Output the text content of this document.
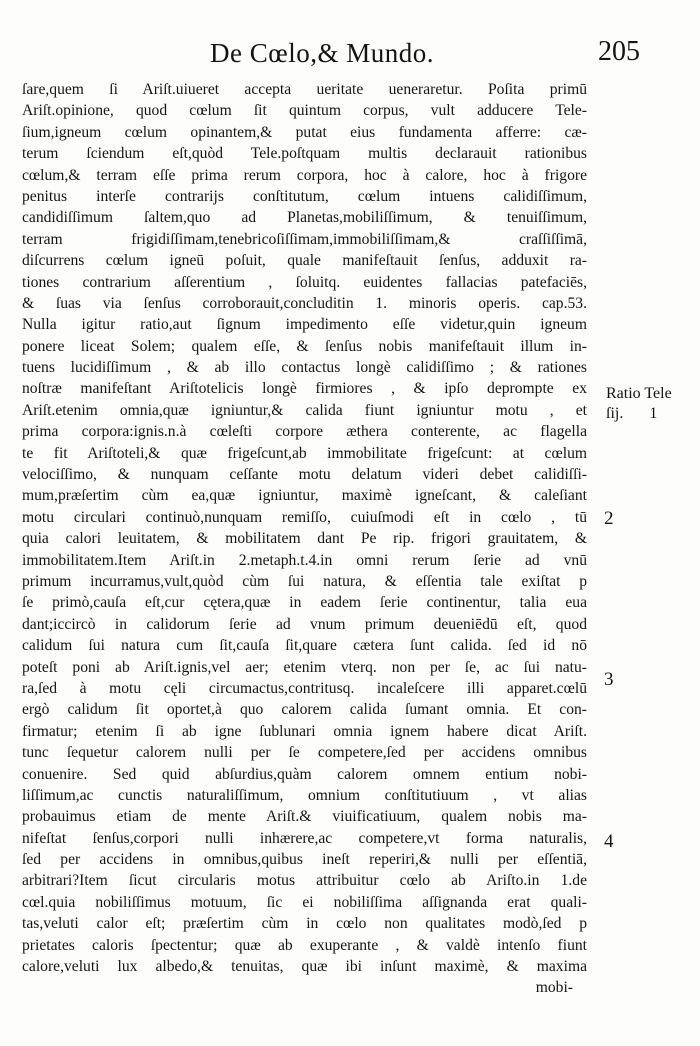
De Cœlo,& Mundo.	205
ſare,quem ſi Ariſt.uiueret accepta ueritate uenerаretur. Poſita primū
Ariſt.opinione, quod cœlum ſit quintum corpus, vult adducere Tele-
ſium,igneum cœlum opinantem,& putat eius fundamenta afferre: cæ-
terum ſciendum eſt,quòd Tele.poſtquam multis declarauit rationibus
cœlum,& terram eſſe prima rerum corpora, hoc à calore, hoc à frigore
penitus interſe contrarijs conſtitutum, cœlum intuens calidiſſimum,
candidiſſimum ſaltem,quo ad Planetas,mobiliſſimum, & tenuiſſimum,
terram frigidiſſimam,tenebricoſiſſimam,immobiliſſimam,& craſſiſſimā,
diſcurrens cœlum igneū poſuit, quale manifeſtauit ſenſus, adduxit ra-
tiones contrarium aſſerentium , ſoluitq. euidentes fallacias patefaciēs,
& ſuas via ſenſus corroborauit,concluditin 1. minoris operis. cap.53.
Nulla igitur ratio,aut ſignum impedimento eſſe videtur,quin igneum
ponere liceat Solem; qualem eſſe, & ſenſus nobis manifeſtauit illum in-
tuens lucidiſſimum , & ab illo contactus longè calidiſſimo ; & rationes
noſtræ manifeſtant Ariſtotelicis longè firmiores , & ipſo deprompte ex
Ariſt.etenim omnia,quæ igniuntur,& calida fiunt igniuntur motu , et
prima corpora:ignis.n.à cœleſti corpore æthera conterente, ac flagella
te fit Ariſtoteli,& quæ frigeſcunt,ab immobilitate frigeſcunt: at cœlum
velociſſimo, & nunquam ceſſante motu delatum videri debet calidiſſi-
mum,præſertim cùm ea,quæ igniuntur, maximè igneſcant, & caleſiant
motu circulari continuò,nunquam remiſſo, cuiuſmodi eſt in cœlo , tū
quia calori leuitatem, & mobilitatem dant Pe rip. frigori grauitatem, &
immobilitatem.Item Ariſt.in 2.metaph.t.4.in omni rerum ſerie ad vnū
primum incurramus,vult,quòd cùm ſui natura, & eſſentia tale exiſtat p
ſe primò,cauſa eſt,cur cętera,quæ in eadem ſerie continentur, talia eua
dant;iccircò in calidorum ſerie ad vnum primum deueniēdū eſt, quod
calidum ſui natura cum ſit,cauſa ſit,quare cætera ſunt calida. ſed id nō
poteſt poni ab Ariſt.ignis,vel aer; etenim vterq. non per ſe, ac ſui natu-
ra,ſed à motu cęli circumactus,contritusq. incaleſcere illi apparet.cœlū
ergò calidum ſit oportet,à quo calorem calida ſumant omnia. Et con-
firmatur; etenim ſi ab igne ſublunari omnia ignem habere dicat Ariſt.
tunc ſequetur calorem nulli per ſe competere,ſed per accidens omnibus
conuenire. Sed quid abſurdius,quàm calorem omnem entium nobi-
liſſimum,ac cunctis naturaliſſimum, omnium conſtitutiuum , vt alias
probauimus etiam de mente Ariſt.& viuificatiuum, qualem nobis ma-
nifeſtat ſenſus,corpori nulli inhærere,ac competere,vt forma naturalis,
ſed per accidens in omnibus,quibus ineſt reperiri,& nulli per eſſentiā,
arbitrari?Item ſicut circularis motus attribuitur cœlo ab Ariſto.in 1.de
cœl.quia nobiliſſimus motuum, ſic ei nobiliſſima aſſignanda erat quali-
tas,veluti calor eſt; præſertim cùm in cœlo non qualitates modò,ſed p
prietates caloris ſpectentur; quæ ab exuperante , & valdè intenſo fiunt
calore,veluti lux albedo,& tenuitas, quæ ibi inſunt maximè, & maxima
mobi-
Ratio Tele
ſij. 1
2
3
4
